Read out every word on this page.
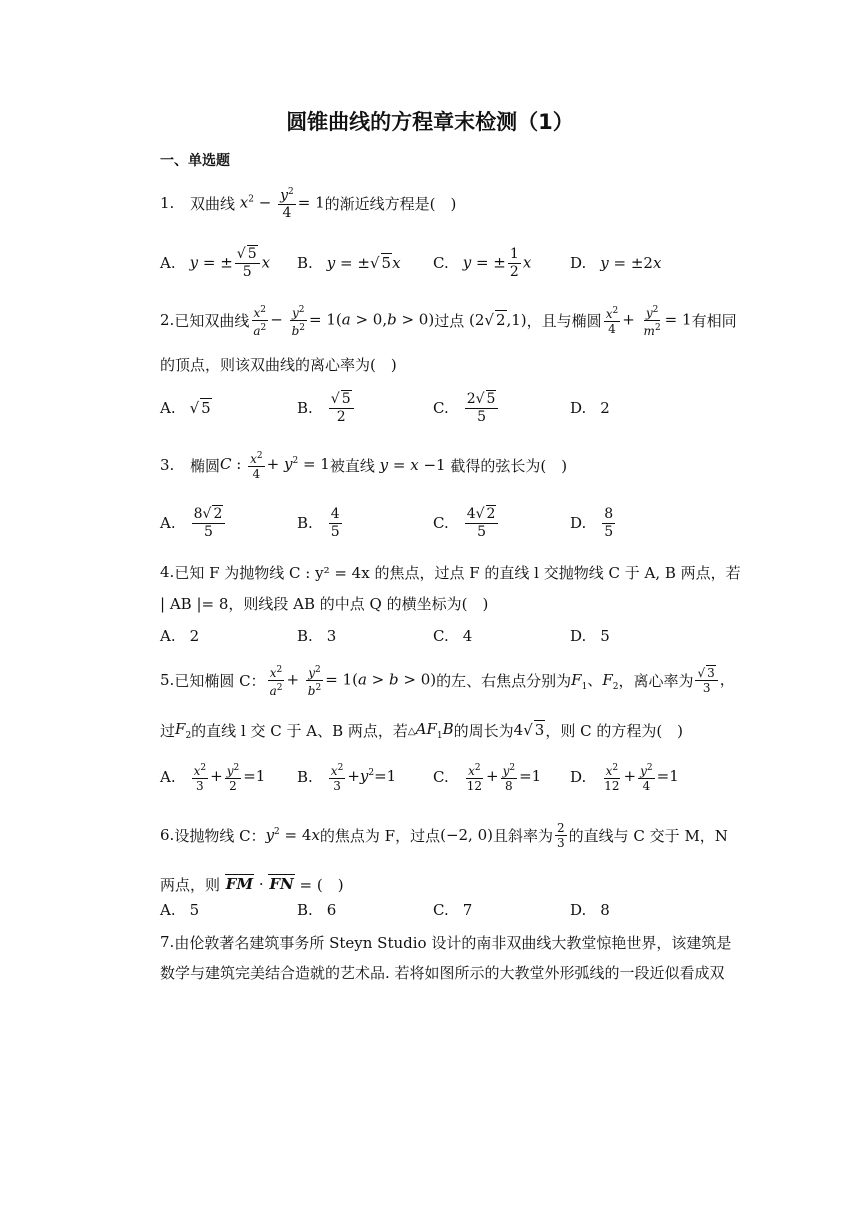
圆锥曲线的方程章末检测（1）
一、单选题
1.	双曲线 $x^2 - \frac{y^2}{4} = 1$ 的渐近线方程是(　)
A. y = ± $\frac{√ 5}{5}$ x B. y = ±√ 5x C. y = ± $\frac{1}{2}$ x	D. y = ±2x
2. 已知双曲线 $\frac{x^2}{a^2} - \frac{y^2}{b^2} = 1(a > 0,b > 0)$ 过点 (2√ 2,1) ，且与椭圆 $\frac{x^2}{4} + \frac{y^2}{m^2} = 1$ 有相同
的顶点，则该双曲线的离心率为(　)
A. √ 5	B. $\frac{√ 5}{2}$	C. $\frac{2√ 5}{5}$	D. 2
3.	椭圆 C : $\frac{x^2}{4} + y^2 = 1$ 被直线 y = x −1 截得的弦长为(　)
A. $\frac{8√ 2}{5}$	B. $\frac{4}{5}$	C. $\frac{4√ 2}{5}$	D. $\frac{8}{5}$
4. 已知 F 为抛物线 C : y² = 4x 的焦点，过点 F 的直线 l 交抛物线 C 于 A, B 两点，若
| AB |= 8，则线段 AB 的中点 Q 的横坐标为(　)
A. 2	B. 3	C. 4	D. 5
5. 已知椭圆 C： $\frac{x^2}{a^2} + \frac{y^2}{b^2} = 1(a > b > 0)$ 的左、右焦点分别为 $F_1$、$F_2$ ，离心率为 $\frac{√ 3}{3}$ ，
过 $F_2$ 的直线 l 交 C 于 A、B 两点，若 $\triangle AF_1B$ 的周长为 4√ 3 ，则 C 的方程为(　)
A. $\frac{x^2}{3} + \frac{y^2}{2} =1$ B. $\frac{x^2}{3} +y^2=1$ C. $\frac{x^2}{12} + \frac{y^2}{8} =1$ D. $\frac{x^2}{12} + \frac{y^2}{4} =1$
6. 设抛物线 C： $y^2 = 4x$ 的焦点为 F，过点 (−2, 0) 且斜率为 $\frac{2}{3}$ 的直线与 C 交于 M，N
两点，则 FM · FN = (　)
A. 5	B. 6	C. 7	D. 8
7. 由伦敦著名建筑事务所 Steyn Studio 设计的南非双曲线大教堂惊艳世界，该建筑是
数学与建筑完美结合造就的艺术品. 若将如图所示的大教堂外形弧线的一段近似看成双
